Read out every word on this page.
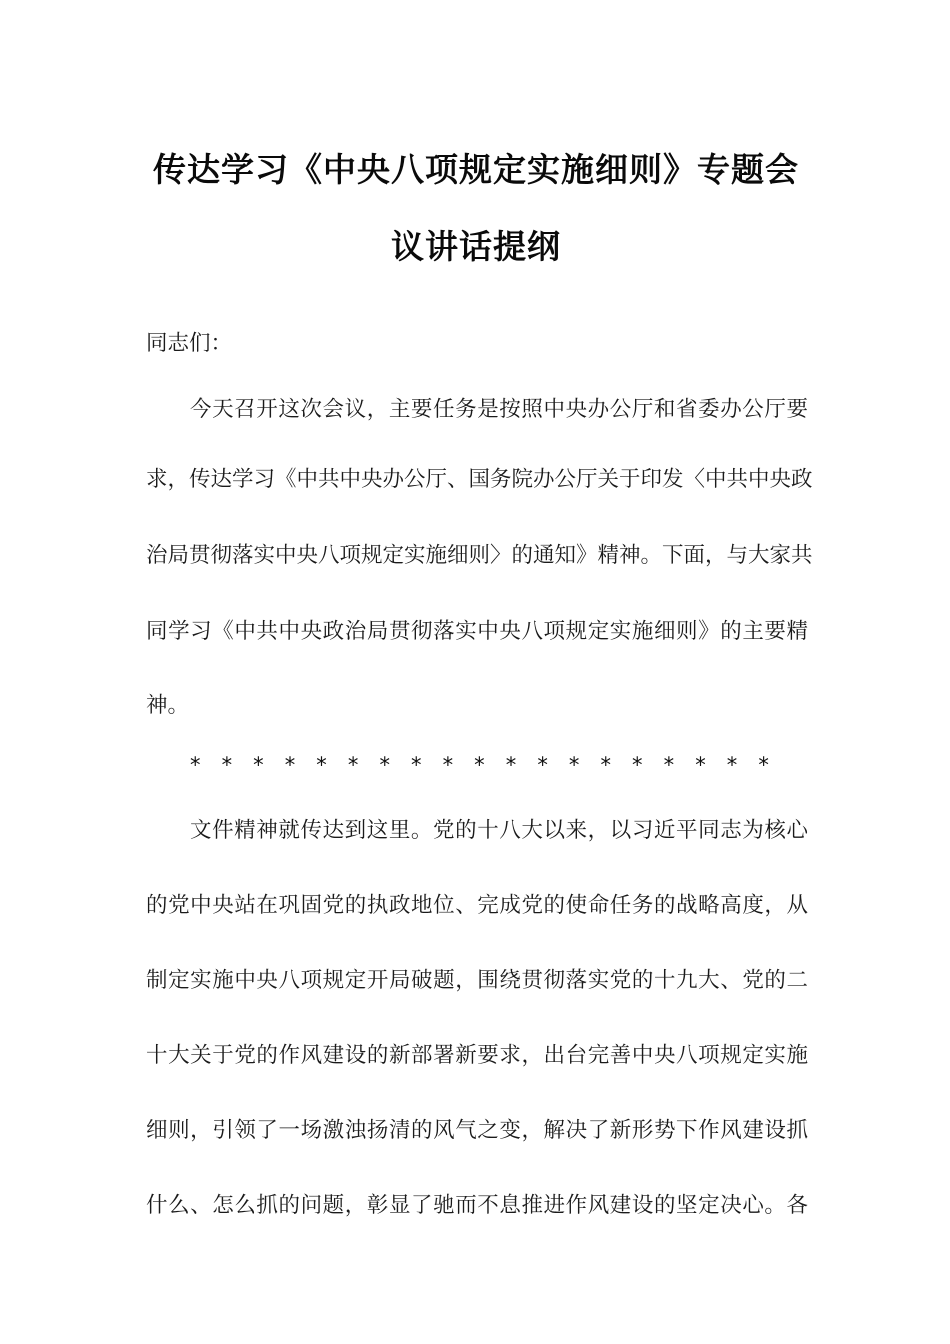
传达学习《中央八项规定实施细则》专题会
议讲话提纲
同志们：
今天召开这次会议，主要任务是按照中央办公厅和省委办公厅要
求，传达学习《中共中央办公厅、国务院办公厅关于印发〈中共中央政
治局贯彻落实中央八项规定实施细则〉的通知》精神。下面，与大家共
同学习《中共中央政治局贯彻落实中央八项规定实施细则》的主要精
神。
* * * * * * * * * * * * * * * * * * *
文件精神就传达到这里。党的十八大以来，以习近平同志为核心
的党中央站在巩固党的执政地位、完成党的使命任务的战略高度，从
制定实施中央八项规定开局破题，围绕贯彻落实党的十九大、党的二
十大关于党的作风建设的新部署新要求，出台完善中央八项规定实施
细则，引领了一场激浊扬清的风气之变，解决了新形势下作风建设抓
什么、怎么抓的问题，彰显了驰而不息推进作风建设的坚定决心。各
